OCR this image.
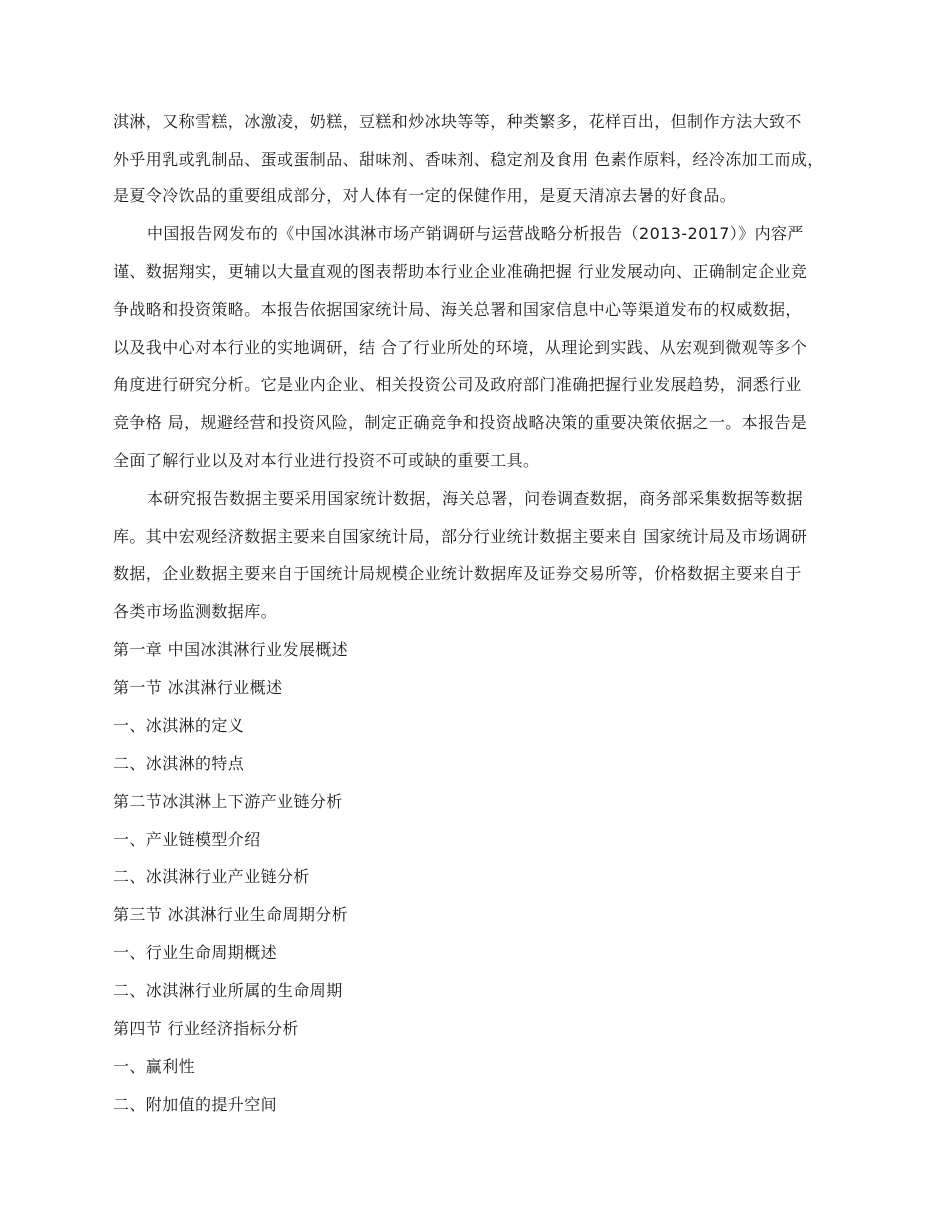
淇淋，又称雪糕，冰激凌，奶糕，豆糕和炒冰块等等，种类繁多，花样百出，但制作方法大致不
外乎用乳或乳制品、蛋或蛋制品、甜味剂、香味剂、稳定剂及食用 色素作原料，经冷冻加工而成，
是夏令冷饮品的重要组成部分，对人体有一定的保健作用，是夏天清凉去暑的好食品。
中国报告网发布的《中国冰淇淋市场产销调研与运营战略分析报告（2013-2017）》内容严
谨、数据翔实，更辅以大量直观的图表帮助本行业企业准确把握 行业发展动向、正确制定企业竞
争战略和投资策略。本报告依据国家统计局、海关总署和国家信息中心等渠道发布的权威数据，
以及我中心对本行业的实地调研，结 合了行业所处的环境，从理论到实践、从宏观到微观等多个
角度进行研究分析。它是业内企业、相关投资公司及政府部门准确把握行业发展趋势，洞悉行业
竞争格 局，规避经营和投资风险，制定正确竞争和投资战略决策的重要决策依据之一。本报告是
全面了解行业以及对本行业进行投资不可或缺的重要工具。
本研究报告数据主要采用国家统计数据，海关总署，问卷调查数据，商务部采集数据等数据
库。其中宏观经济数据主要来自国家统计局，部分行业统计数据主要来自 国家统计局及市场调研
数据，企业数据主要来自于国统计局规模企业统计数据库及证券交易所等，价格数据主要来自于
各类市场监测数据库。
第一章 中国冰淇淋行业发展概述
第一节 冰淇淋行业概述
一、冰淇淋的定义
二、冰淇淋的特点
第二节冰淇淋上下游产业链分析
一、产业链模型介绍
二、冰淇淋行业产业链分析
第三节 冰淇淋行业生命周期分析
一、行业生命周期概述
二、冰淇淋行业所属的生命周期
第四节 行业经济指标分析
一、赢利性
二、附加值的提升空间
